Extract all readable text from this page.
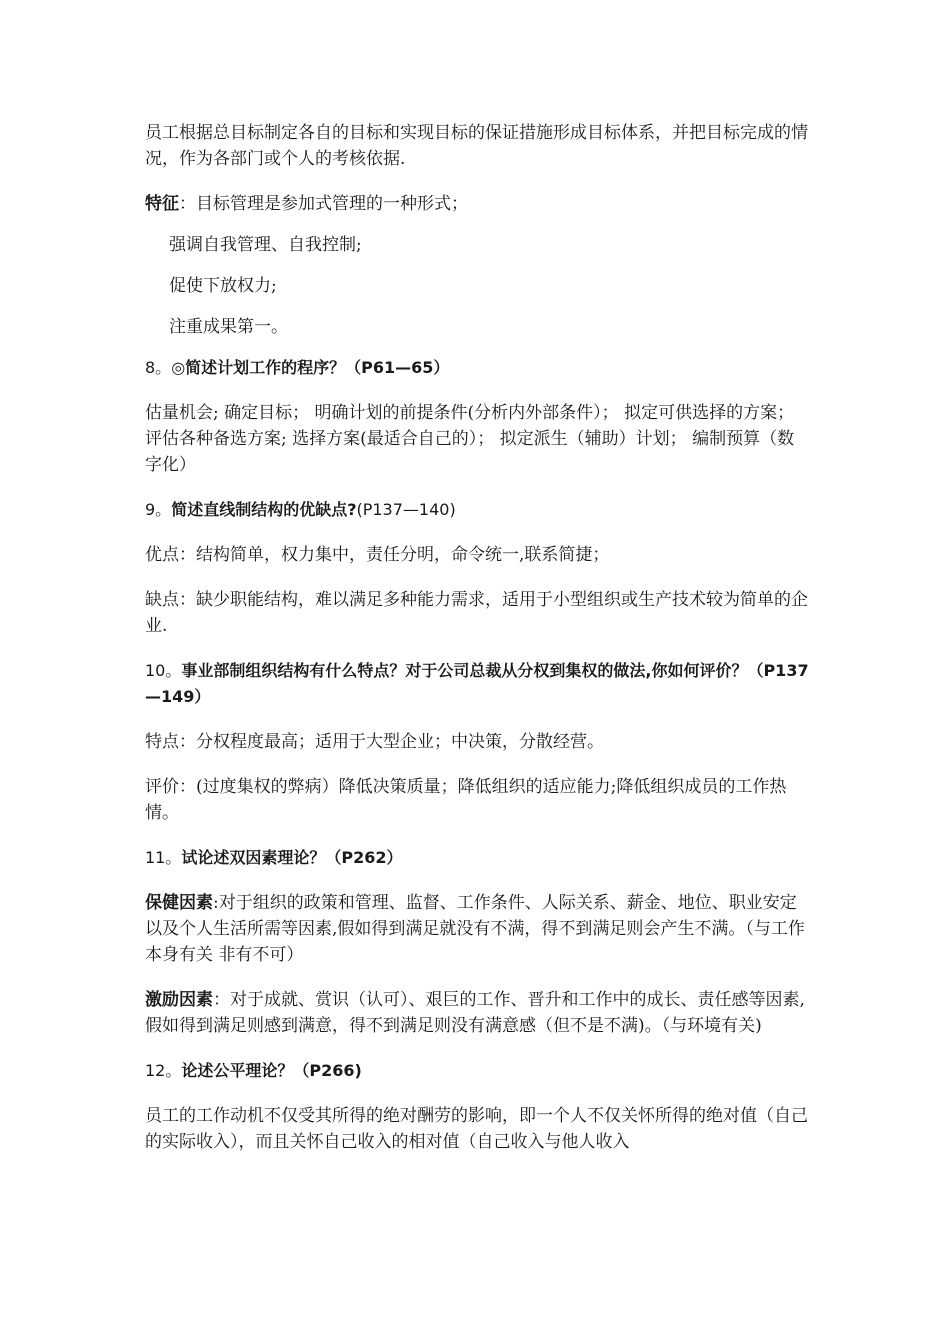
员工根据总目标制定各自的目标和实现目标的保证措施形成目标体系，并把目标完成的情况，作为各部门或个人的考核依据.

特征：目标管理是参加式管理的一种形式；

强调自我管理、自我控制;

促使下放权力;

注重成果第一。

8。◎简述计划工作的程序？（P61—65）

估量机会; 确定目标； 明确计划的前提条件(分析内外部条件）； 拟定可供选择的方案； 评估各种备选方案; 选择方案(最适合自己的）； 拟定派生（辅助）计划； 编制预算（数字化）

9。简述直线制结构的优缺点?(P137—140)

优点：结构简单，权力集中，责任分明，命令统一,联系简捷；

缺点：缺少职能结构，难以满足多种能力需求，适用于小型组织或生产技术较为简单的企业.

10。事业部制组织结构有什么特点？对于公司总裁从分权到集权的做法,你如何评价？（P137—149）

特点：分权程度最高；适用于大型企业；中决策，分散经营。

评价：(过度集权的弊病）降低决策质量；降低组织的适应能力;降低组织成员的工作热情。

11。试论述双因素理论？（P262）

保健因素:对于组织的政策和管理、监督、工作条件、人际关系、薪金、地位、职业安定以及个人生活所需等因素,假如得到满足就没有不满，得不到满足则会产生不满。（与工作本身有关 非有不可）

激励因素：对于成就、赏识（认可）、艰巨的工作、晋升和工作中的成长、责任感等因素,假如得到满足则感到满意，得不到满足则没有满意感（但不是不满)。（与环境有关)

12。论述公平理论？（P266)

员工的工作动机不仅受其所得的绝对酬劳的影响，即一个人不仅关怀所得的绝对值（自己的实际收入），而且关怀自己收入的相对值（自己收入与他人收入
